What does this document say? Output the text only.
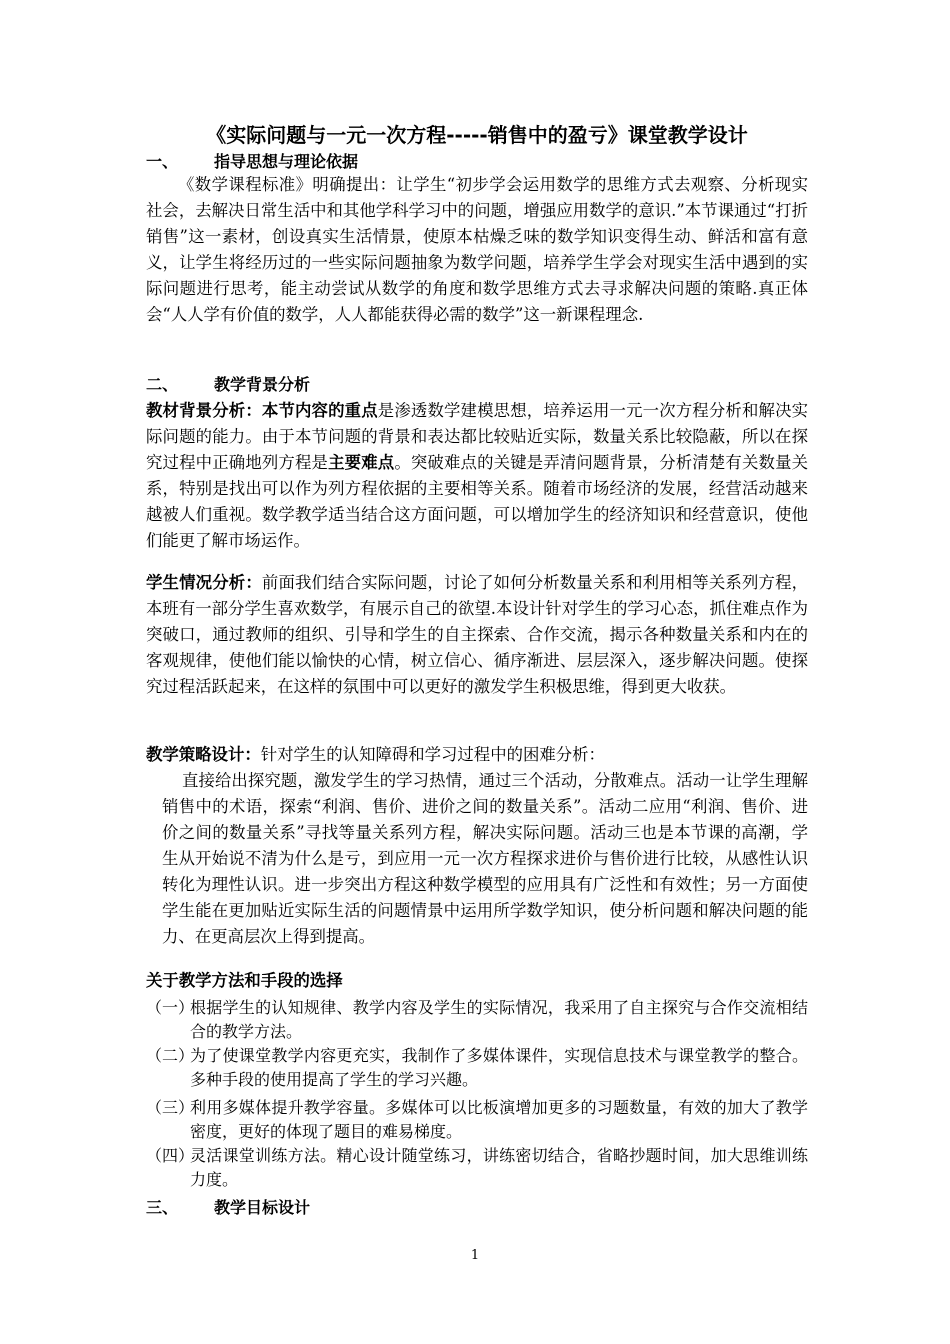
《实际问题与一元一次方程-----销售中的盈亏》课堂教学设计
一、 指导思想与理论依据
《数学课程标准》明确提出：让学生“初步学会运用数学的思维方式去观察、分析现实社会，去解决日常生活中和其他学科学习中的问题，增强应用数学的意识.”本节课通过“打折销售”这一素材，创设真实生活情景，使原本枯燥乏味的数学知识变得生动、鲜活和富有意义，让学生将经历过的一些实际问题抽象为数学问题，培养学生学会对现实生活中遇到的实际问题进行思考，能主动尝试从数学的角度和数学思维方式去寻求解决问题的策略.真正体会“人人学有价值的数学，人人都能获得必需的数学”这一新课程理念.
二、 教学背景分析
教材背景分析：本节内容的重点是渗透数学建模思想，培养运用一元一次方程分析和解决实际问题的能力。由于本节问题的背景和表达都比较贴近实际，数量关系比较隐蔽，所以在探究过程中正确地列方程是主要难点。突破难点的关键是弄清问题背景，分析清楚有关数量关系，特别是找出可以作为列方程依据的主要相等关系。随着市场经济的发展，经营活动越来越被人们重视。数学教学适当结合这方面问题，可以增加学生的经济知识和经营意识，使他们能更了解市场运作。
学生情况分析：前面我们结合实际问题，讨论了如何分析数量关系和利用相等关系列方程，本班有一部分学生喜欢数学，有展示自己的欲望.本设计针对学生的学习心态，抓住难点作为突破口，通过教师的组织、引导和学生的自主探索、合作交流，揭示各种数量关系和内在的客观规律，使他们能以愉快的心情，树立信心、循序渐进、层层深入，逐步解决问题。使探究过程活跃起来，在这样的氛围中可以更好的激发学生积极思维，得到更大收获。
教学策略设计：针对学生的认知障碍和学习过程中的困难分析：
直接给出探究题，激发学生的学习热情，通过三个活动，分散难点。活动一让学生理解销售中的术语，探索“利润、售价、进价之间的数量关系”。活动二应用“利润、售价、进价之间的数量关系”寻找等量关系列方程，解决实际问题。活动三也是本节课的高潮，学生从开始说不清为什么是亏，到应用一元一次方程探求进价与售价进行比较，从感性认识转化为理性认识。进一步突出方程这种数学模型的应用具有广泛性和有效性；另一方面使学生能在更加贴近实际生活的问题情景中运用所学数学知识，使分析问题和解决问题的能力、在更高层次上得到提高。
关于教学方法和手段的选择
（一）
根据学生的认知规律、教学内容及学生的实际情况，我采用了自主探究与合作交流相结合的教学方法。
（二）
为了使课堂教学内容更充实，我制作了多媒体课件，实现信息技术与课堂教学的整合。多种手段的使用提高了学生的学习兴趣。
（三）
利用多媒体提升教学容量。多媒体可以比板演增加更多的习题数量，有效的加大了教学密度，更好的体现了题目的难易梯度。
（四）
灵活课堂训练方法。精心设计随堂练习，讲练密切结合，省略抄题时间，加大思维训练力度。
三、 教学目标设计
1
